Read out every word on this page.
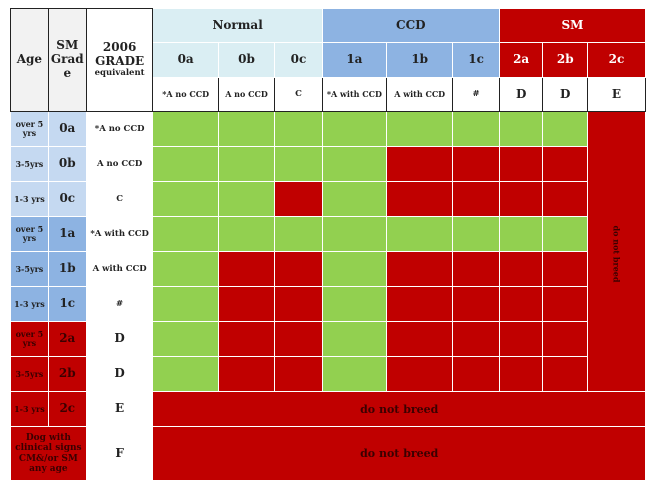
Age	SM Grad e	2006 GRADE
equivalent	Normal			CCD			SM		
			0a	0b	0c	1a	1b	1c	2a	2b	2c
			*A no CCD	A no CCD	C	*A with CCD	A with CCD	#	D	D	E
over 5 yrs	0a	*A no CCD									do not breed
3-5yrs	0b	A no CCD									
1-3 yrs	0c	C									
over 5 yrs	1a	*A with CCD									
3-5yrs	1b	A with CCD									
1-3 yrs	1c	#									
over 5 yrs	2a	D									
3-5yrs	2b	D									
1-3 yrs	2c	E	do not breed								
Dog with clinical signs CM&/or SM any age		F	do not breed								
